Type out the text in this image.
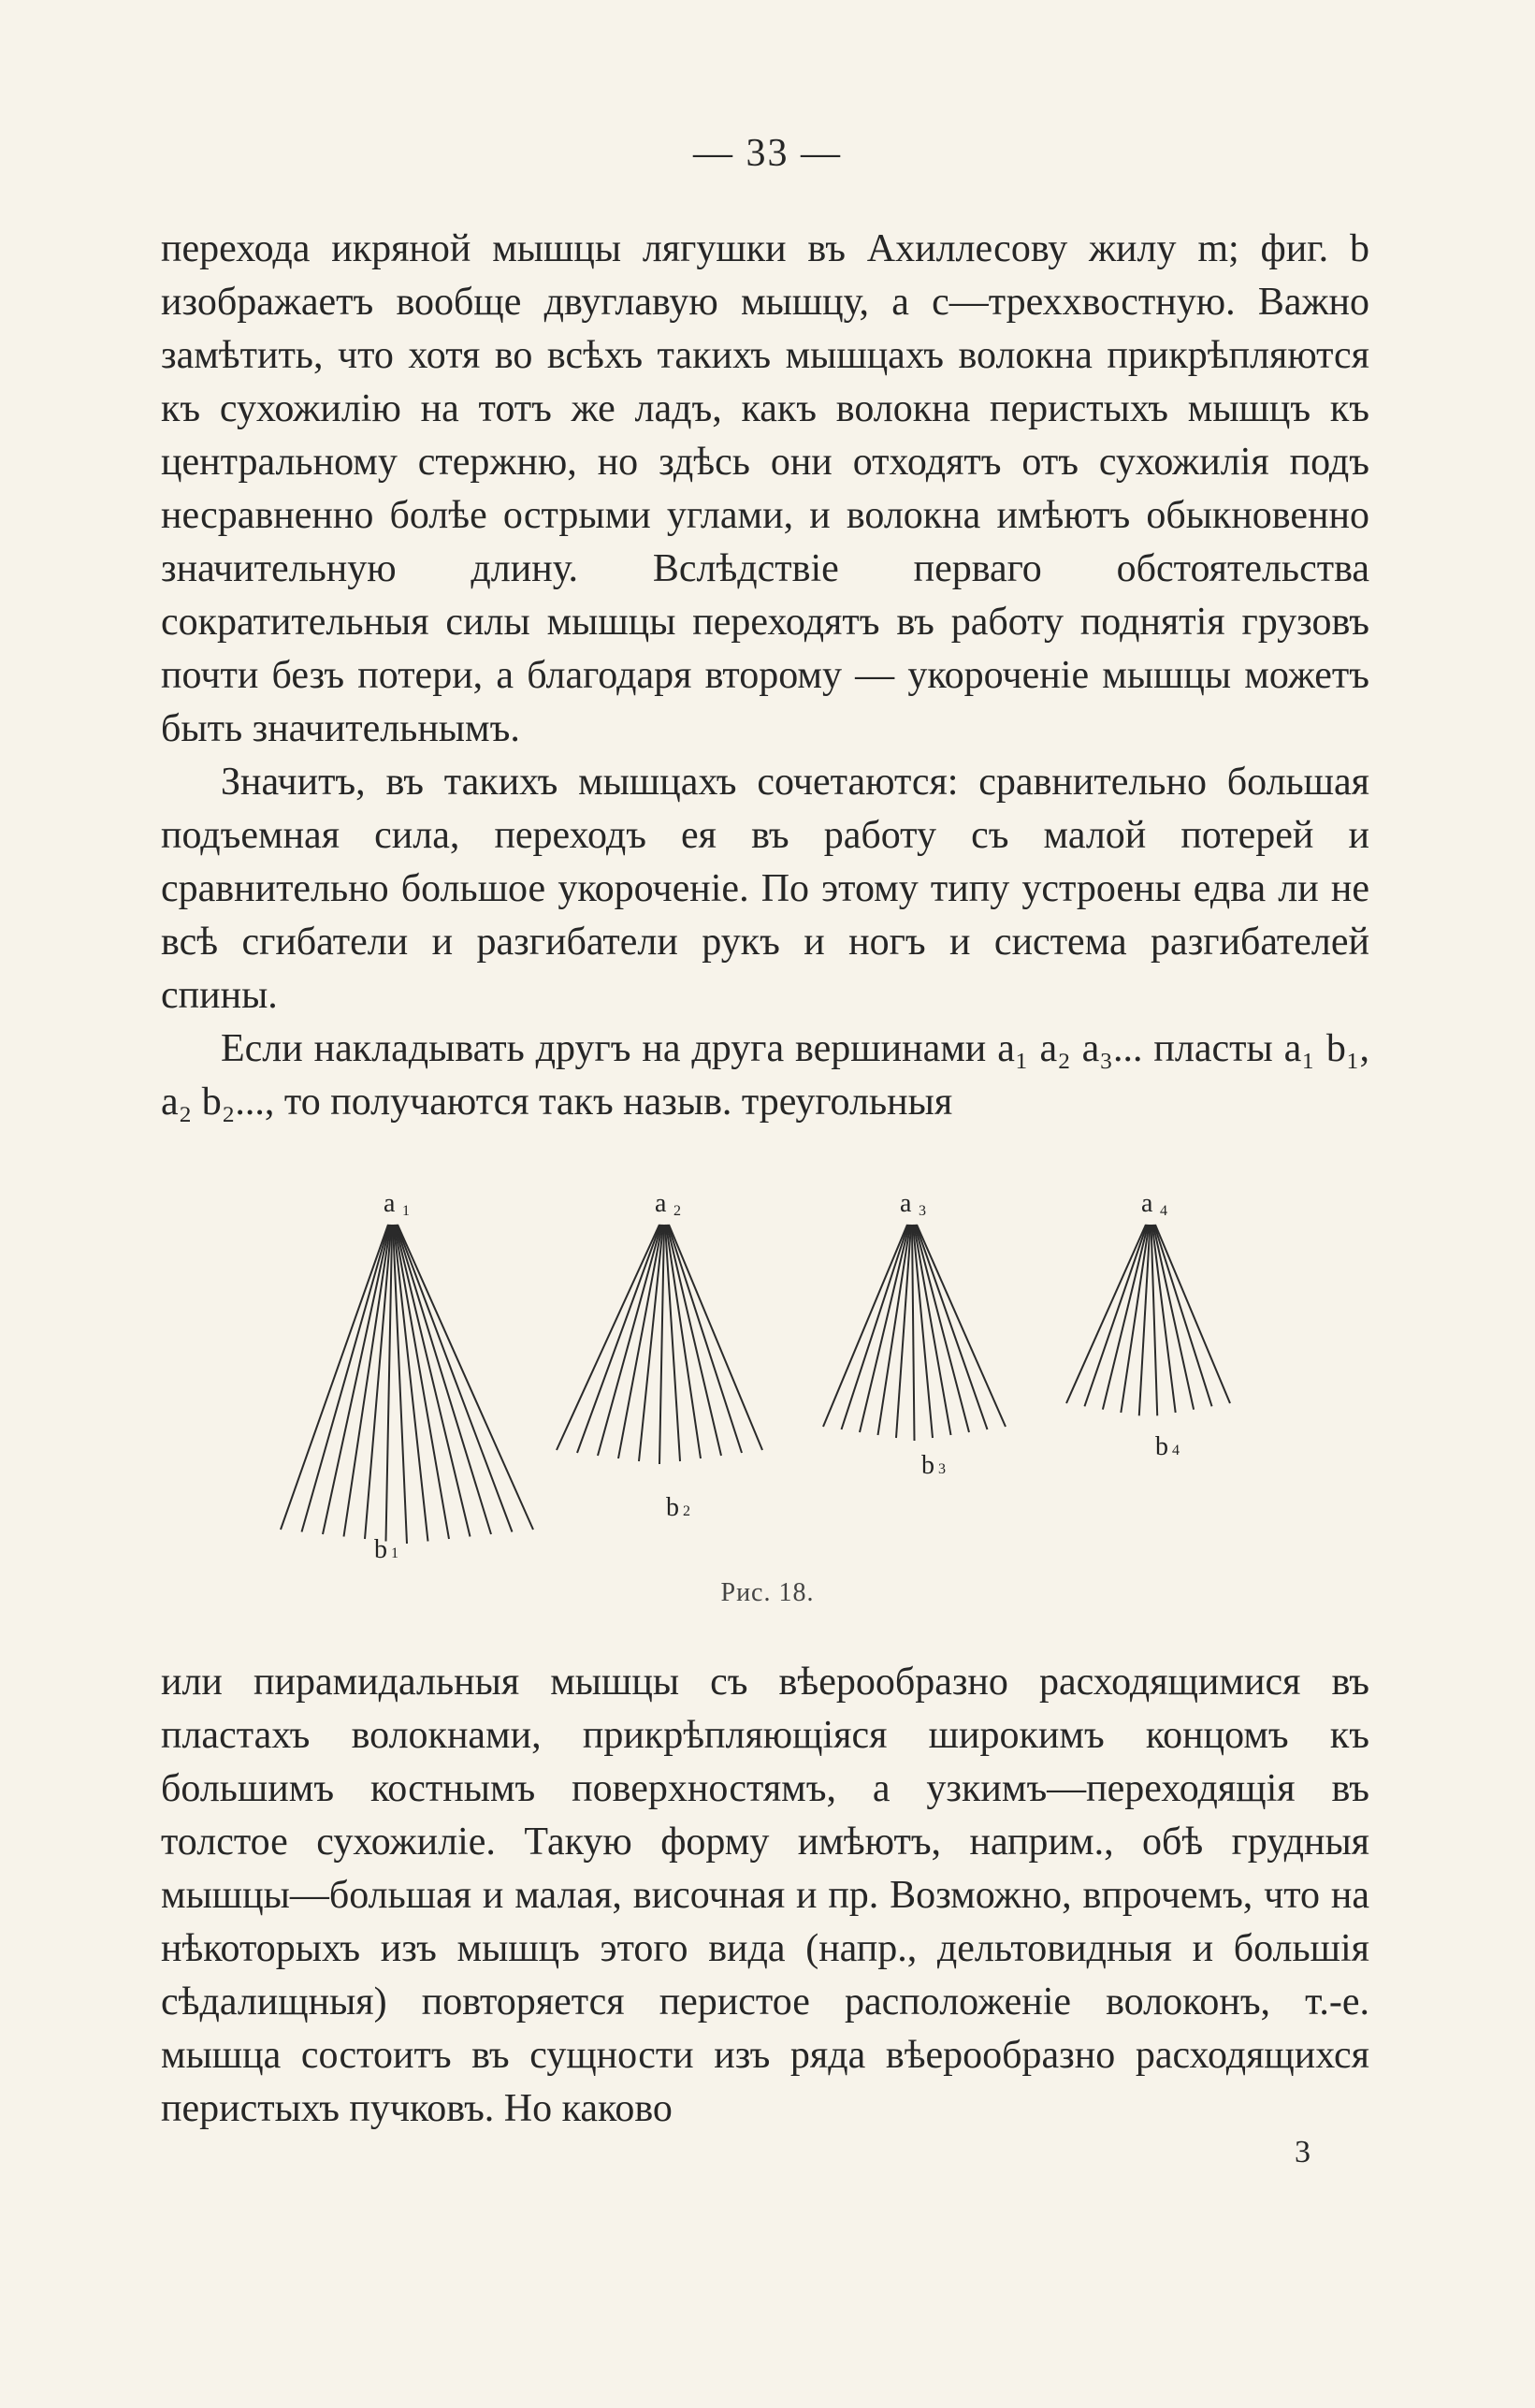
— 33 —

перехода икряной мышцы лягушки въ Ахиллесову жилу m; фиг. b изображаетъ вообще двуглавую мышцу, а c—треххвостную. Важно замѣтить, что хотя во всѣхъ такихъ мышцахъ волокна прикрѣпляются къ сухожилію на тотъ же ладъ, какъ волокна перистыхъ мышцъ къ центральному стержню, но здѣсь они отходятъ отъ сухожилія подъ несравненно болѣе острыми углами, и волокна имѣютъ обыкновенно значительную длину. Вслѣдствіе перваго обстоятельства сократительныя силы мышцы переходятъ въ работу поднятія грузовъ почти безъ потери, а благодаря второму — укороченіе мышцы можетъ быть значительнымъ.

Значитъ, въ такихъ мышцахъ сочетаются: сравнительно большая подъемная сила, переходъ ея въ работу съ малой потерей и сравнительно большое укороченіе. По этому типу устроены едва ли не всѣ сгибатели и разгибатели рукъ и ногъ и система разгибателей спины.

Если накладывать другъ на друга вершинами a₁ a₂ a₃... пласты a₁ b₁, a₂ b₂..., то получаются такъ назыв. треугольныя

a 1
b 1
a 2
b 2
a 3
b 3
a 4
b 4
Рис. 18.

или пирамидальныя мышцы съ вѣерообразно расходящимися въ пластахъ волокнами, прикрѣпляющіяся широкимъ концомъ къ большимъ костнымъ поверхностямъ, а узкимъ—переходящія въ толстое сухожиліе. Такую форму имѣютъ, наприм., обѣ грудныя мышцы—большая и малая, височная и пр. Возможно, впрочемъ, что на нѣкоторыхъ изъ мышцъ этого вида (напр., дельтовидныя и большія сѣдалищныя) повторяется перистое расположеніе волоконъ, т.-е. мышца состоитъ въ сущности изъ ряда вѣерообразно расходящихся перистыхъ пучковъ. Но каково

3
